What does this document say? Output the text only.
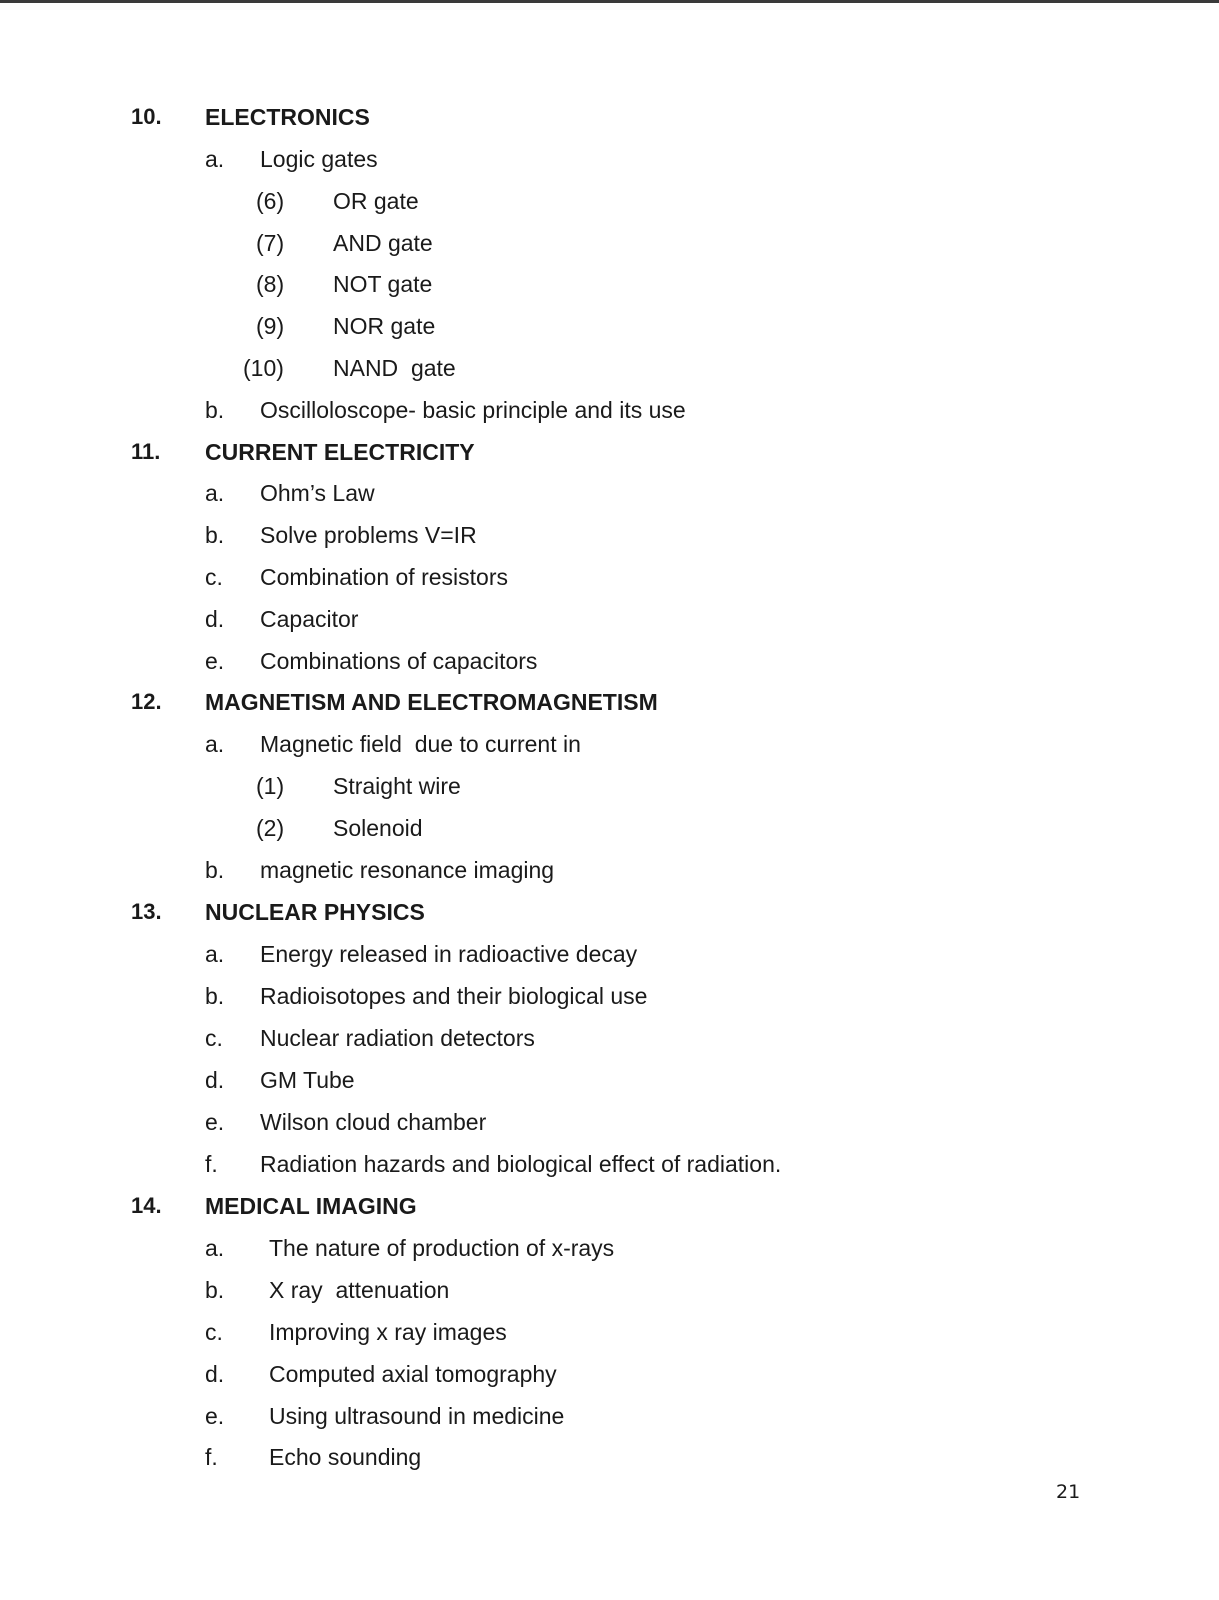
10. ELECTRONICS
a. Logic gates
(6) OR gate
(7) AND gate
(8) NOT gate
(9) NOR gate
(10) NAND  gate
b. Oscilloloscope- basic principle and its use
11. CURRENT ELECTRICITY
a. Ohm’s Law
b. Solve problems V=IR
c. Combination of resistors
d. Capacitor
e. Combinations of capacitors
12. MAGNETISM AND ELECTROMAGNETISM
a. Magnetic field  due to current in
(1) Straight wire
(2) Solenoid
b. magnetic resonance imaging
13. NUCLEAR PHYSICS
a. Energy released in radioactive decay
b. Radioisotopes and their biological use
c. Nuclear radiation detectors
d. GM Tube
e. Wilson cloud chamber
f. Radiation hazards and biological effect of radiation.
14. MEDICAL IMAGING
a. The nature of production of x-rays
b. X ray  attenuation
c. Improving x ray images
d. Computed axial tomography
e. Using ultrasound in medicine
f. Echo sounding
21
